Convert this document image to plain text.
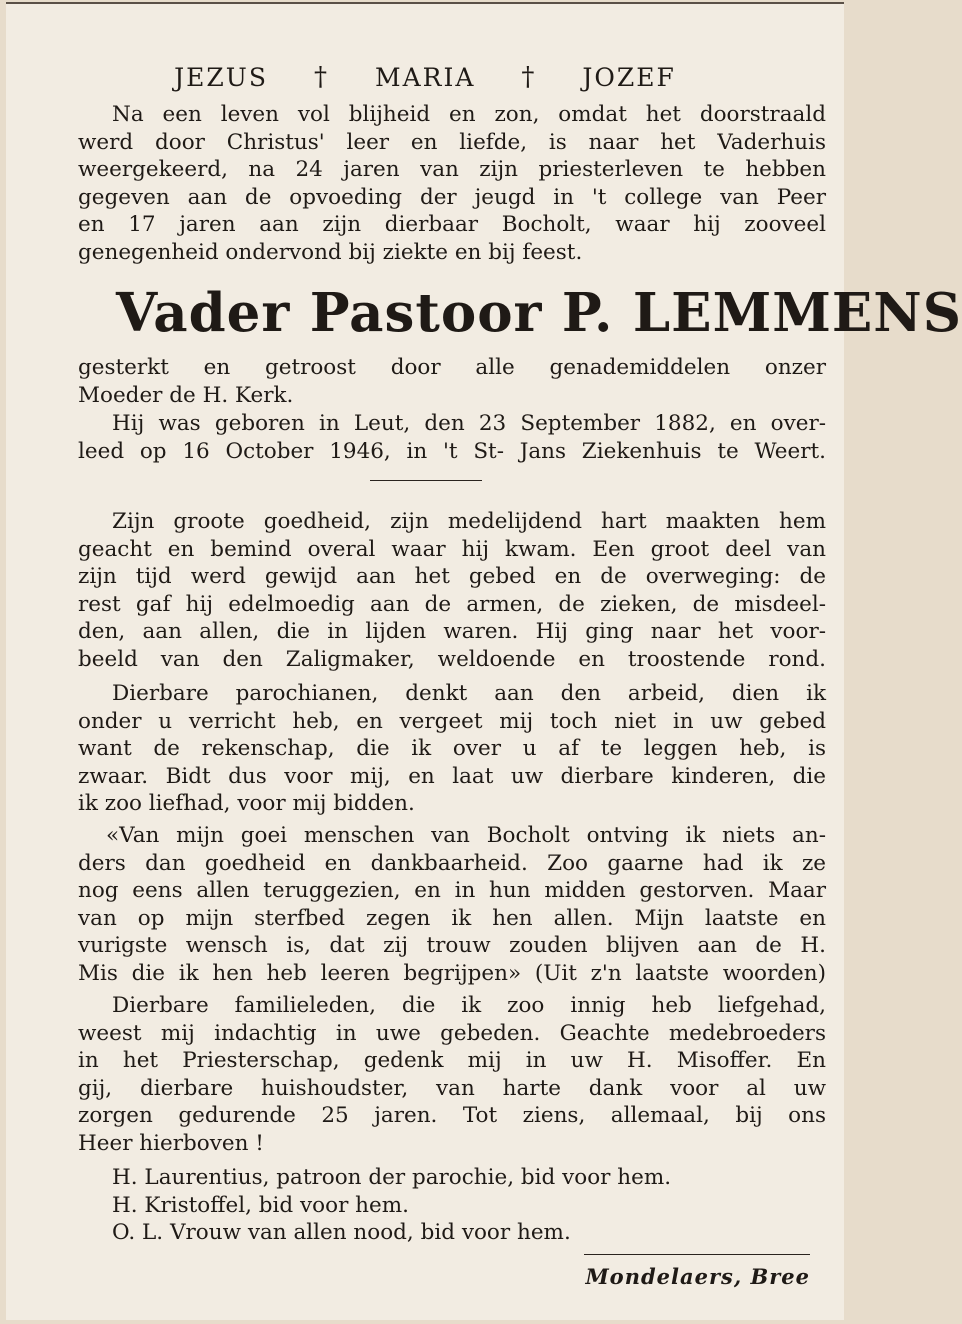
JEZUS † MARIA † JOZEF
Na een leven vol blijheid en zon, omdat het doorstraald
werd door Christus' leer en liefde, is naar het Vaderhuis
weergekeerd, na 24 jaren van zijn priesterleven te hebben
gegeven aan de opvoeding der jeugd in 't college van Peer
en 17 jaren aan zijn dierbaar Bocholt, waar hij zooveel
genegenheid ondervond bij ziekte en bij feest.
Vader Pastoor P. LEMMENS
gesterkt en getroost door alle genademiddelen onzer
Moeder de H. Kerk.
Hij was geboren in Leut, den 23 September 1882, en over-
leed op 16 October 1946, in 't St- Jans Ziekenhuis te Weert.
Zijn groote goedheid, zijn medelijdend hart maakten hem
geacht en bemind overal waar hij kwam. Een groot deel van
zijn tijd werd gewijd aan het gebed en de overweging: de
rest gaf hij edelmoedig aan de armen, de zieken, de misdeel-
den, aan allen, die in lijden waren. Hij ging naar het voor-
beeld van den Zaligmaker, weldoende en troostende rond.
Dierbare parochianen, denkt aan den arbeid, dien ik
onder u verricht heb, en vergeet mij toch niet in uw gebed
want de rekenschap, die ik over u af te leggen heb, is
zwaar. Bidt dus voor mij, en laat uw dierbare kinderen, die
ik zoo liefhad, voor mij bidden.
«Van mijn goei menschen van Bocholt ontving ik niets an-
ders dan goedheid en dankbaarheid. Zoo gaarne had ik ze
nog eens allen teruggezien, en in hun midden gestorven. Maar
van op mijn sterfbed zegen ik hen allen. Mijn laatste en
vurigste wensch is, dat zij trouw zouden blijven aan de H.
Mis die ik hen heb leeren begrijpen» (Uit z'n laatste woorden)
Dierbare familieleden, die ik zoo innig heb liefgehad,
weest mij indachtig in uwe gebeden. Geachte medebroeders
in het Priesterschap, gedenk mij in uw H. Misoffer. En
gij, dierbare huishoudster, van harte dank voor al uw
zorgen gedurende 25 jaren. Tot ziens, allemaal, bij ons
Heer hierboven !
H. Laurentius, patroon der parochie, bid voor hem.
H. Kristoffel, bid voor hem.
O. L. Vrouw van allen nood, bid voor hem.
Mondelaers, Bree
